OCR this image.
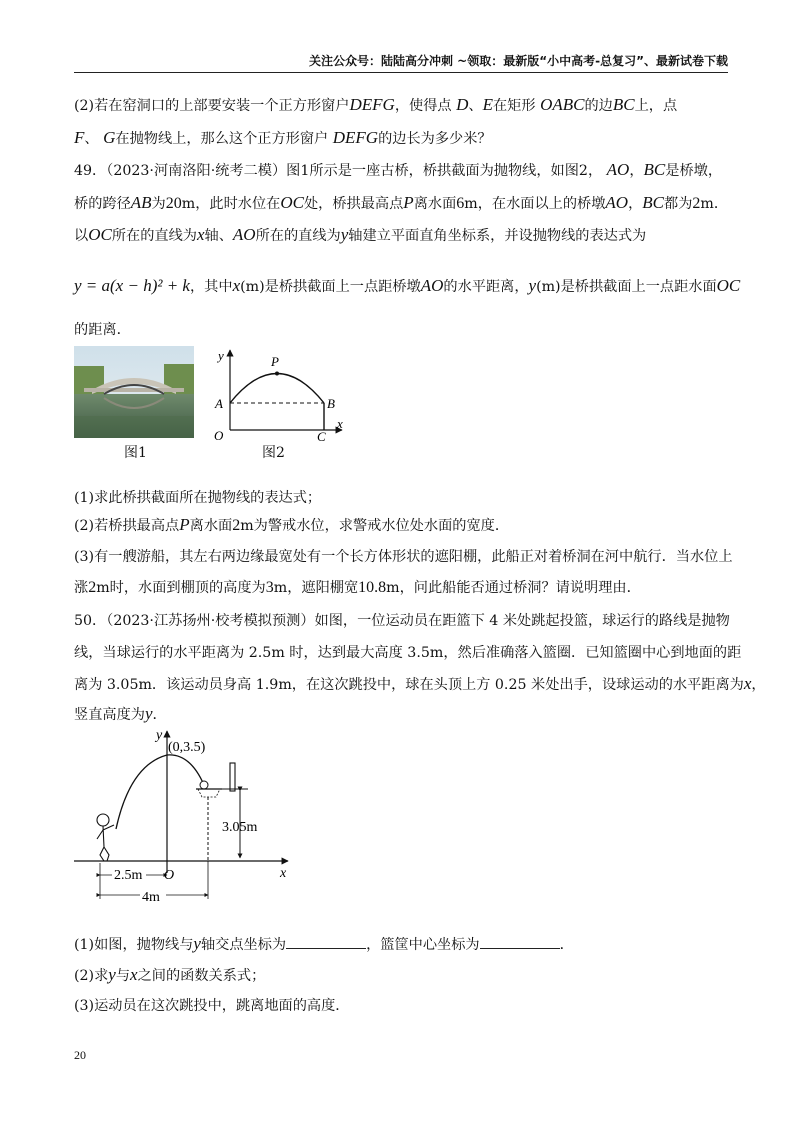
关注公众号：陆陆高分冲刺 ~领取：最新版“小中高考-总复习”、最新试卷下载
(2)若在窑洞口的上部要安装一个正方形窗户DEFG，使得点 D、E在矩形 OABC的边BC上，点
F、 G在抛物线上，那么这个正方形窗户 DEFG的边长为多少米？
49．（2023·河南洛阳·统考二模）图1所示是一座古桥，桥拱截面为抛物线，如图2， AO，BC是桥墩，
桥的跨径AB为20m，此时水位在OC处，桥拱最高点P离水面6m，在水面以上的桥墩AO，BC都为2m．
以OC所在的直线为x轴、AO所在的直线为y轴建立平面直角坐标系，并设抛物线的表达式为
y = a(x − h)² + k，其中x(m)是桥拱截面上一点距桥墩AO的水平距离，y(m)是桥拱截面上一点距水面OC
的距离．
图1
y	P
A	B
O	C
x
图2
(1)求此桥拱截面所在抛物线的表达式；
(2)若桥拱最高点P离水面2m为警戒水位，求警戒水位处水面的宽度．
(3)有一艘游船，其左右两边缘最宽处有一个长方体形状的遮阳棚，此船正对着桥洞在河中航行．当水位上
涨2m时，水面到棚顶的高度为3m，遮阳棚宽10.8m，问此船能否通过桥洞？请说明理由．
50．（2023·江苏扬州·校考模拟预测）如图，一位运动员在距篮下 4 米处跳起投篮，球运行的路线是抛物
线，当球运行的水平距离为 2.5m 时，达到最大高度 3.5m，然后准确落入篮圈．已知篮圈中心到地面的距
离为 3.05m．该运动员身高 1.9m，在这次跳投中，球在头顶上方 0.25 米处出手，设球运动的水平距离为x，
竖直高度为y．
y
(0,3.5)
3.05m
2.5m O
4m
x
(1)如图，抛物线与y轴交点坐标为	，篮筐中心坐标为	．
(2)求y与x之间的函数关系式；
(3)运动员在这次跳投中，跳离地面的高度．
20
